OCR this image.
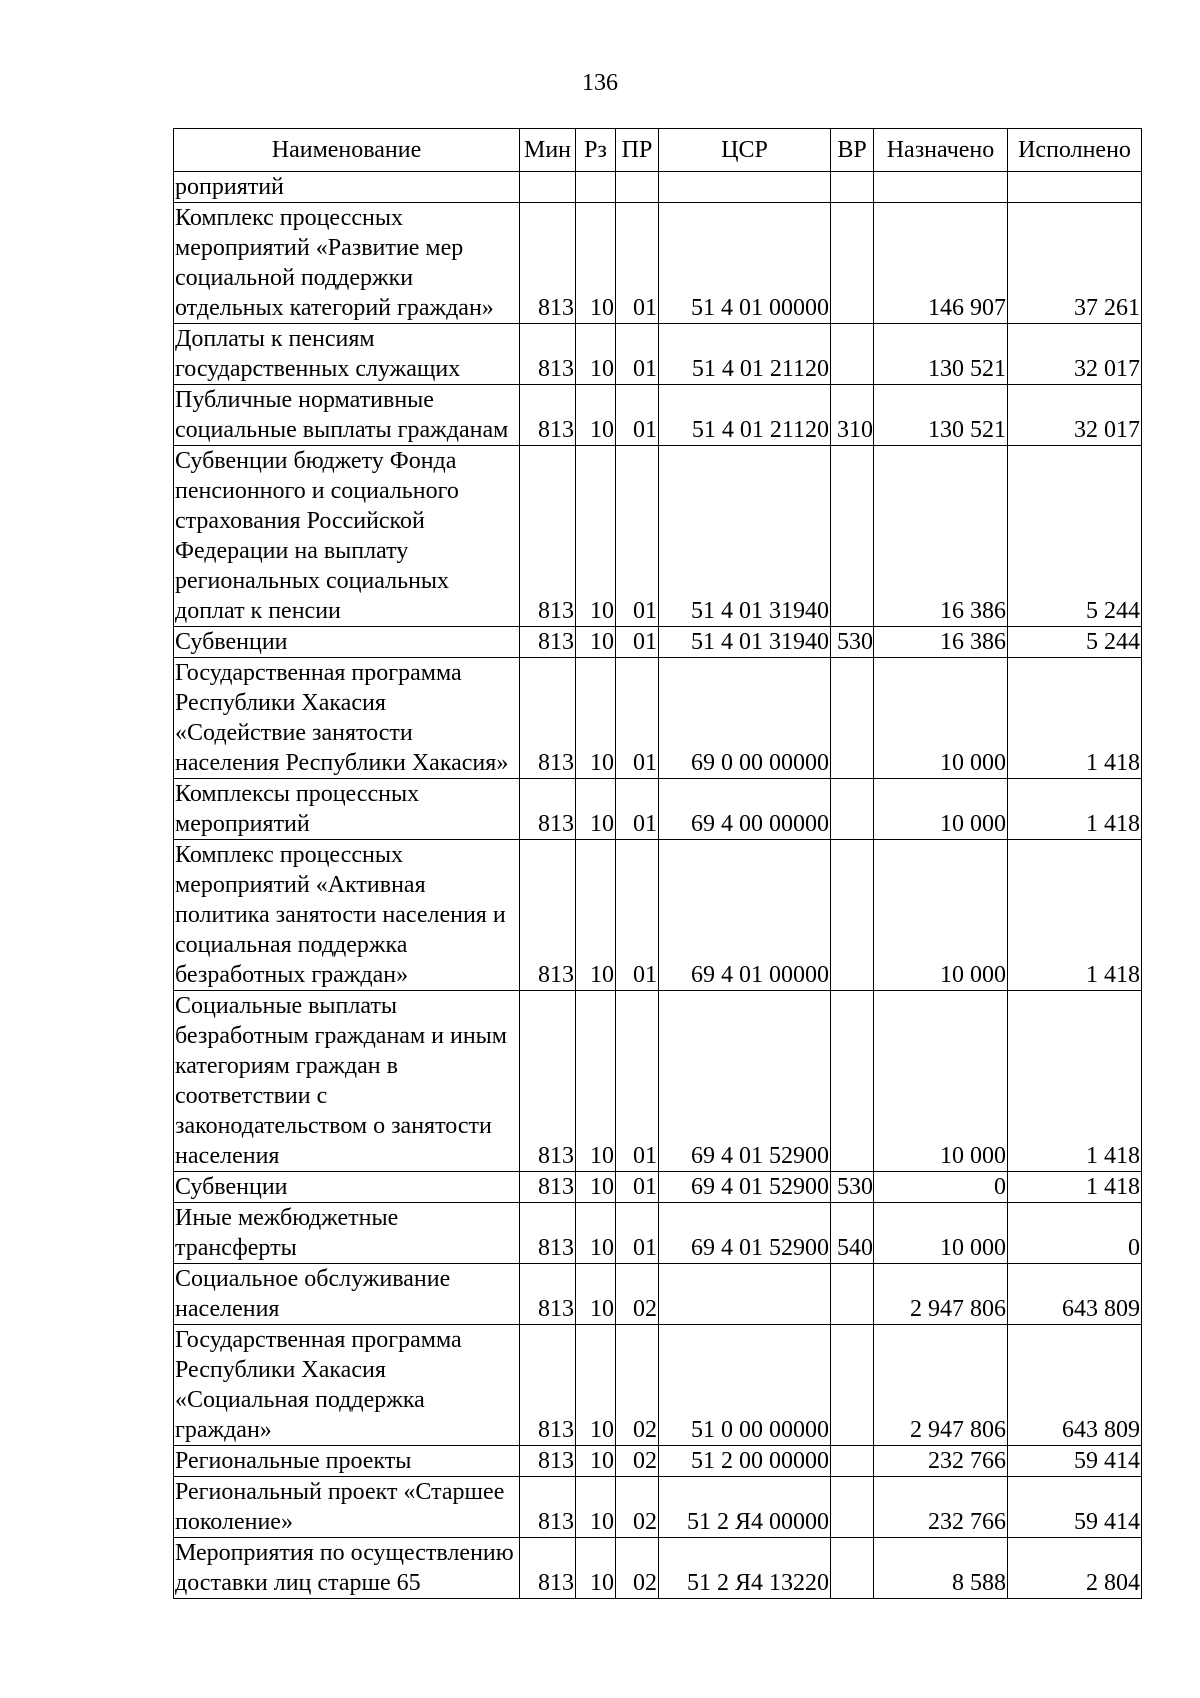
136
Наименование	Мин	Рз	ПР	ЦСР	ВР	Назначено	Исполнено
роприятий							
Комплекс процессных мероприятий «Развитие мер социальной поддержки отдельных категорий граждан»	813	10	01	51 4 01 00000		146 907	37 261
Доплаты к пенсиям государственных служащих	813	10	01	51 4 01 21120		130 521	32 017
Публичные нормативные социальные выплаты гражданам	813	10	01	51 4 01 21120	310	130 521	32 017
Субвенции бюджету Фонда пенсионного и социального страхования Российской Федерации на выплату региональных социальных доплат к пенсии	813	10	01	51 4 01 31940		16 386	5 244
Субвенции	813	10	01	51 4 01 31940	530	16 386	5 244
Государственная программа Республики Хакасия «Содействие занятости населения Республики Хакасия»	813	10	01	69 0 00 00000		10 000	1 418
Комплексы процессных мероприятий	813	10	01	69 4 00 00000		10 000	1 418
Комплекс процессных мероприятий «Активная политика занятости населения и социальная поддержка безработных граждан»	813	10	01	69 4 01 00000		10 000	1 418
Социальные выплаты безработным гражданам и иным категориям граждан в соответствии с законодательством о занятости населения	813	10	01	69 4 01 52900		10 000	1 418
Субвенции	813	10	01	69 4 01 52900	530	0	1 418
Иные межбюджетные трансферты	813	10	01	69 4 01 52900	540	10 000	0
Социальное обслуживание населения	813	10	02			2 947 806	643 809
Государственная программа Республики Хакасия «Социальная поддержка граждан»	813	10	02	51 0 00 00000		2 947 806	643 809
Региональные проекты	813	10	02	51 2 00 00000		232 766	59 414
Региональный проект «Старшее поколение»	813	10	02	51 2 Я4 00000		232 766	59 414
Мероприятия по осуществлению доставки лиц старше 65	813	10	02	51 2 Я4 13220		8 588	2 804
